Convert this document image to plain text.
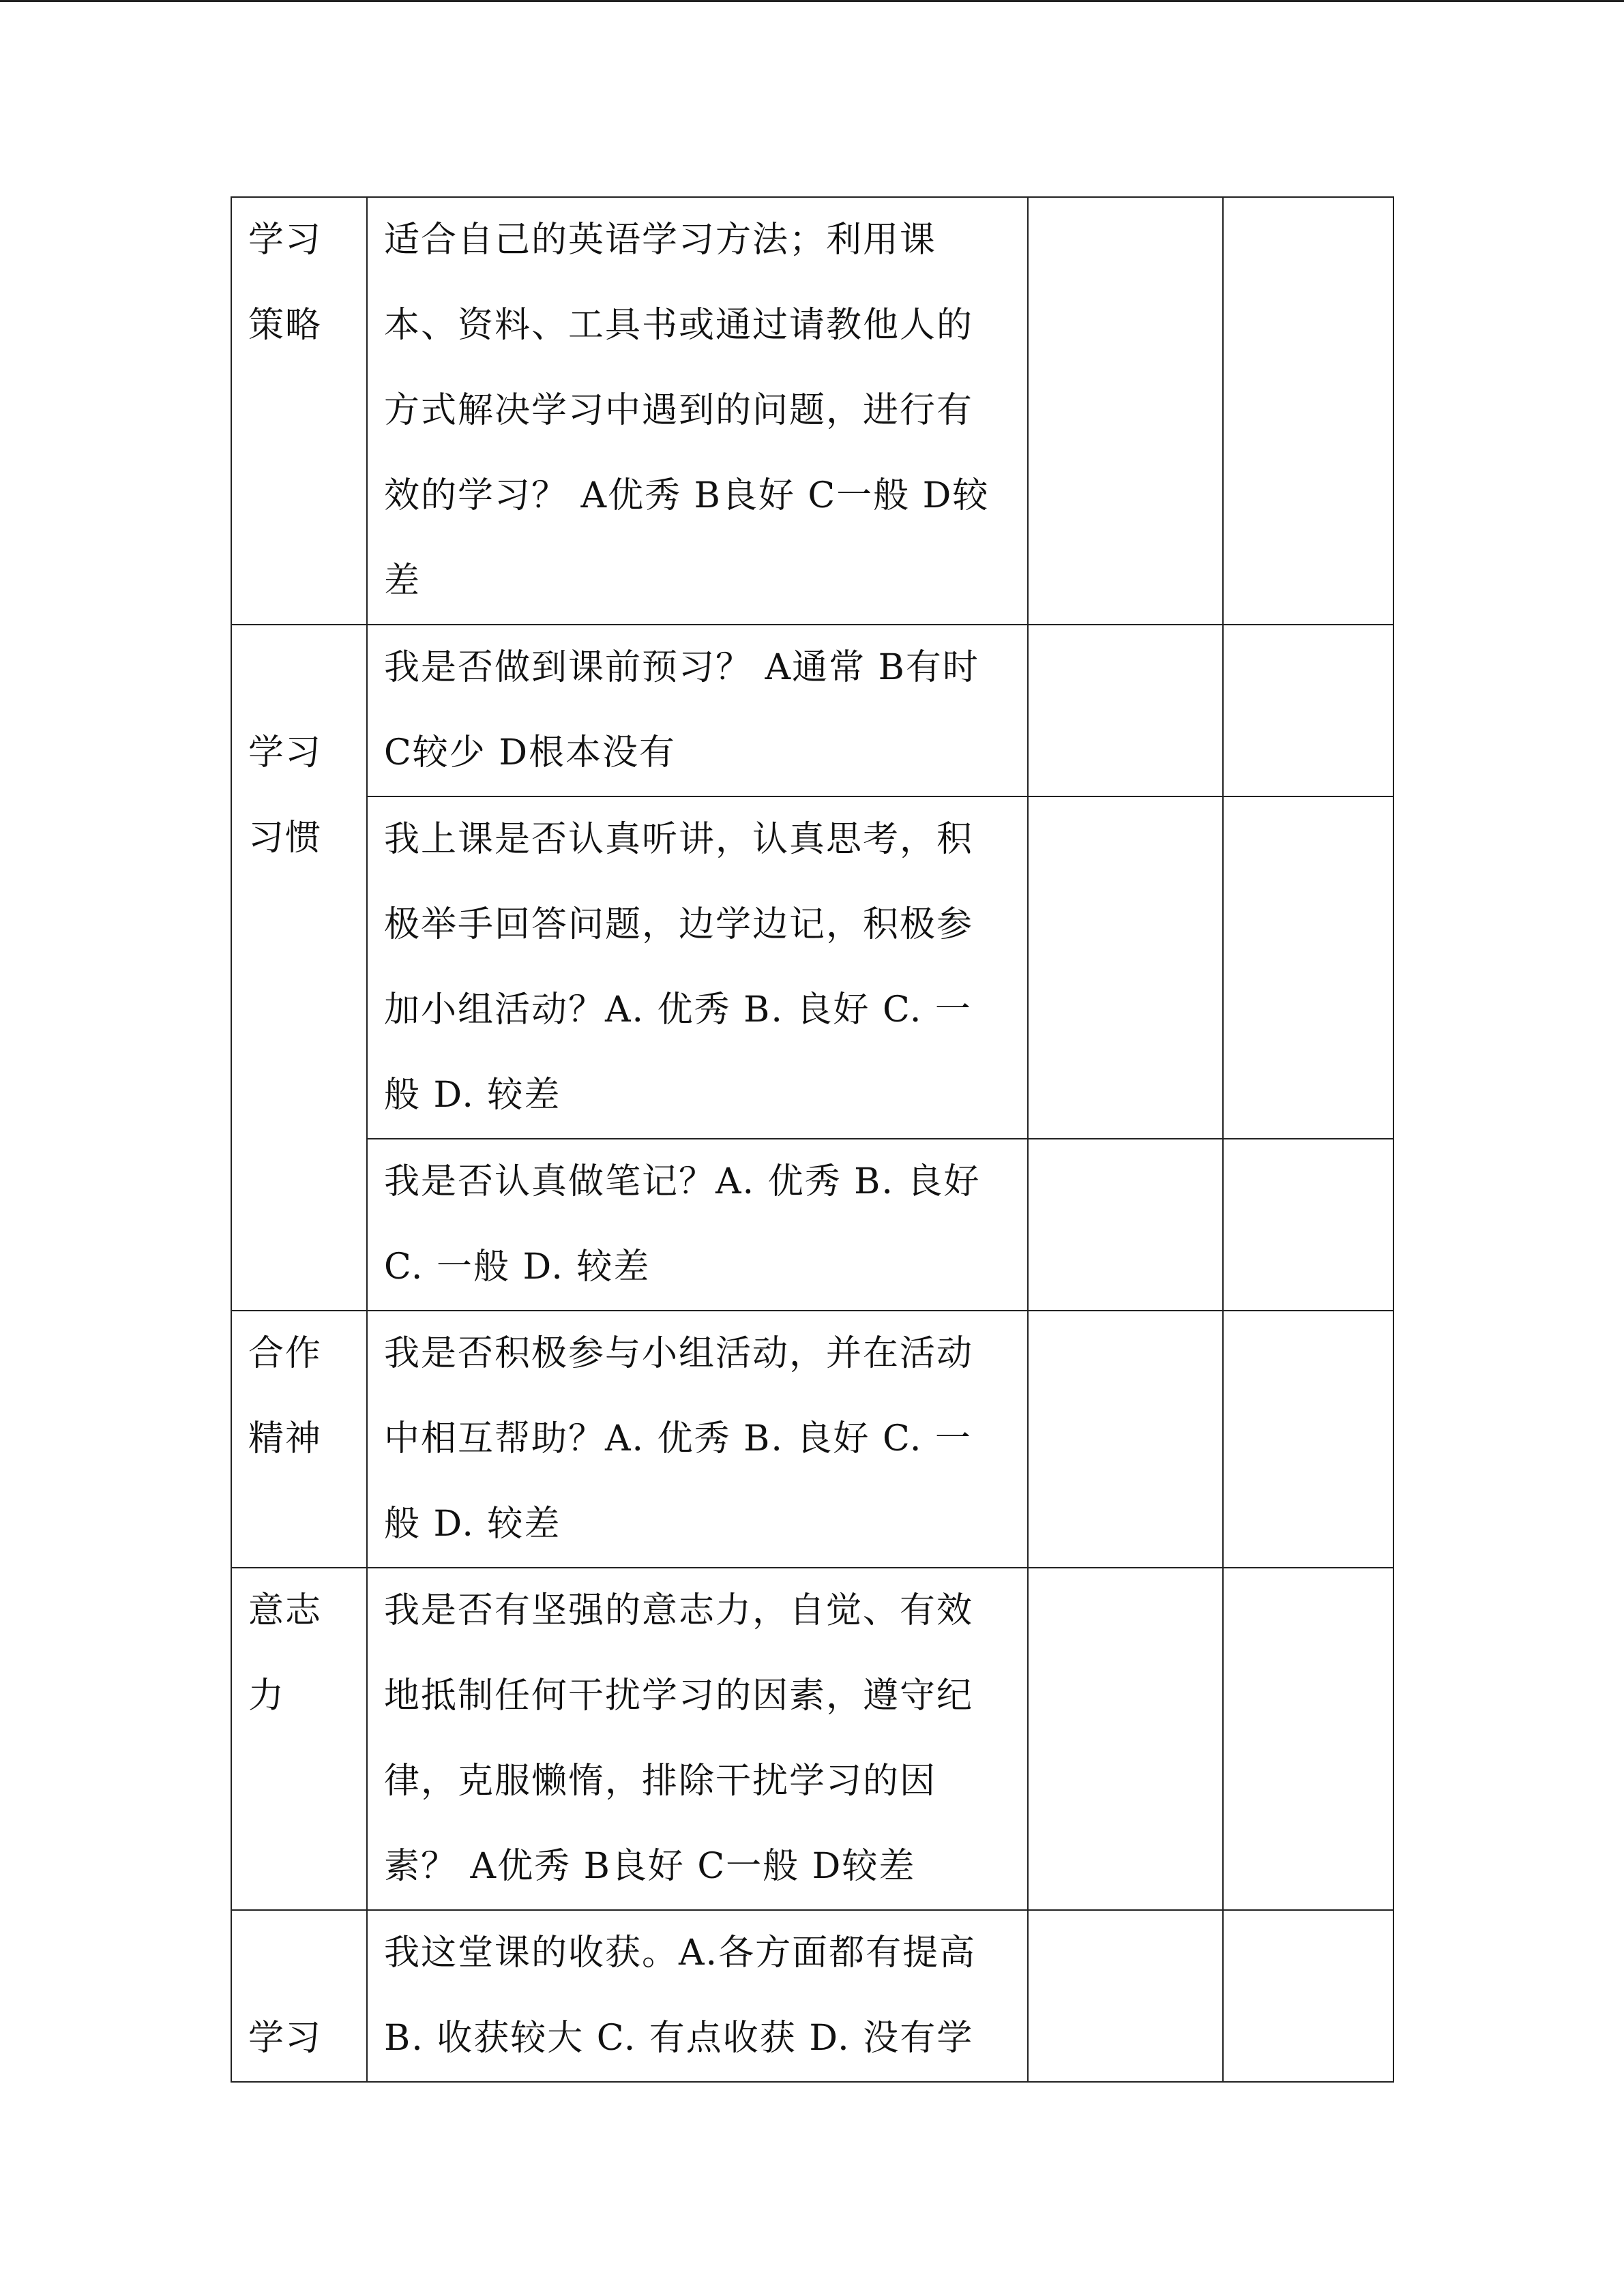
学习
策略	适合自己的英语学习方法；利用课
本、资料、工具书或通过请教他人的
方式解决学习中遇到的问题，进行有
效的学习？ A优秀 B良好 C一般 D较
差		

学习
习惯	我是否做到课前预习？ A通常 B有时
C较少 D根本没有		

	我上课是否认真听讲，认真思考，积
极举手回答问题，边学边记，积极参
加小组活动？A. 优秀 B. 良好 C. 一
般 D. 较差		

	我是否认真做笔记？A. 优秀 B. 良好
C. 一般 D. 较差		

合作
精神	我是否积极参与小组活动，并在活动
中相互帮助？A. 优秀 B. 良好 C. 一
般 D. 较差		

意志
力	我是否有坚强的意志力，自觉、有效
地抵制任何干扰学习的因素，遵守纪
律，克服懒惰，排除干扰学习的因
素？ A优秀 B良好 C一般 D较差		

学习	我这堂课的收获。A.各方面都有提高
B. 收获较大 C. 有点收获 D. 没有学		
